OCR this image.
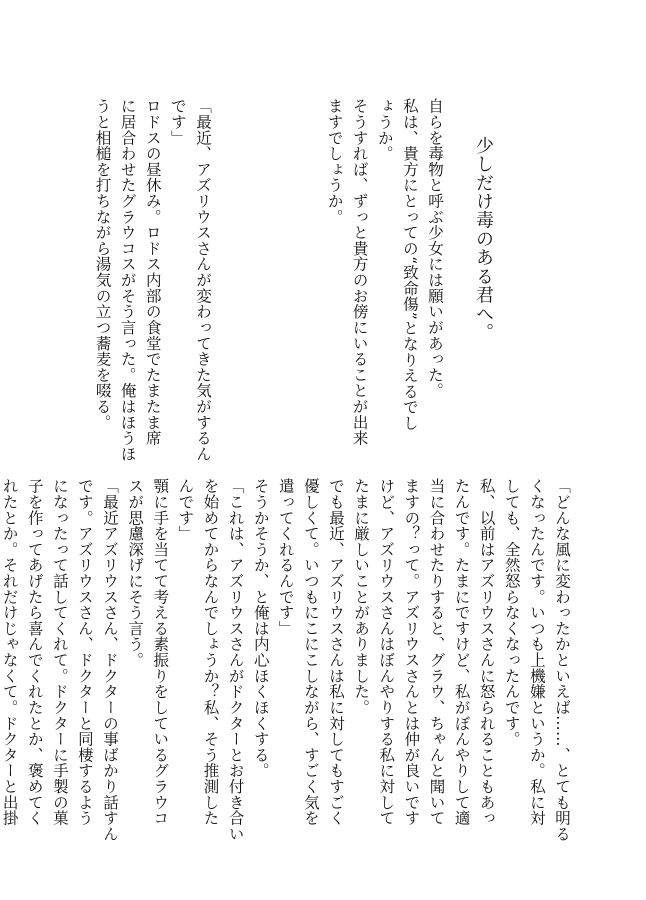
少しだけ毒のある君へ。

自らを毒物と呼ぶ少女には願いがあった。

私は、貴方にとっての“致命傷”となりえるでし

ょうか。

そうすれば、ずっと貴方のお傍にいることが出来

ますでしょうか。

「最近、アズリウスさんが変わってきた気がするん

です」

ロドスの昼休み。ロドス内部の食堂でたまたま席

に居合わせたグラウコスがそう言った。俺はほうほ

うと相槌を打ちながら湯気の立つ蕎麦を啜る。

「どんな風に変わったかといえば……、とても明る

くなったんです。いつも上機嫌というか。私に対

しても、全然怒らなくなったんです。

私、以前はアズリウスさんに怒られることもあっ

たんです。たまにですけど、私がぼんやりして適

当に合わせたりすると、グラウ、ちゃんと聞いて

ますの？って。アズリウスさんとは仲が良いです

けど、アズリウスさんはぼんやりする私に対して

たまに厳しいことがありました。

でも最近、アズリウスさんは私に対してもすごく

優しくて。いつもにこにこしながら、すごく気を

遣ってくれるんです」

そうかそうか、と俺は内心ほくほくする。

「これは、アズリウスさんがドクターとお付き合い

を始めてからなんでしょうか？私、そう推測した

んです」

顎に手を当てて考える素振りをしているグラウコ

スが思慮深げにそう言う。

「最近アズリウスさん、ドクターの事ばかり話すん

です。アズリウスさん、ドクターと同棲するよう

になったって話してくれて。ドクターに手製の菓

子を作ってあげたら喜んでくれたとか、褒めてく

れたとか。それだけじゃなくて。ドクターと出掛
